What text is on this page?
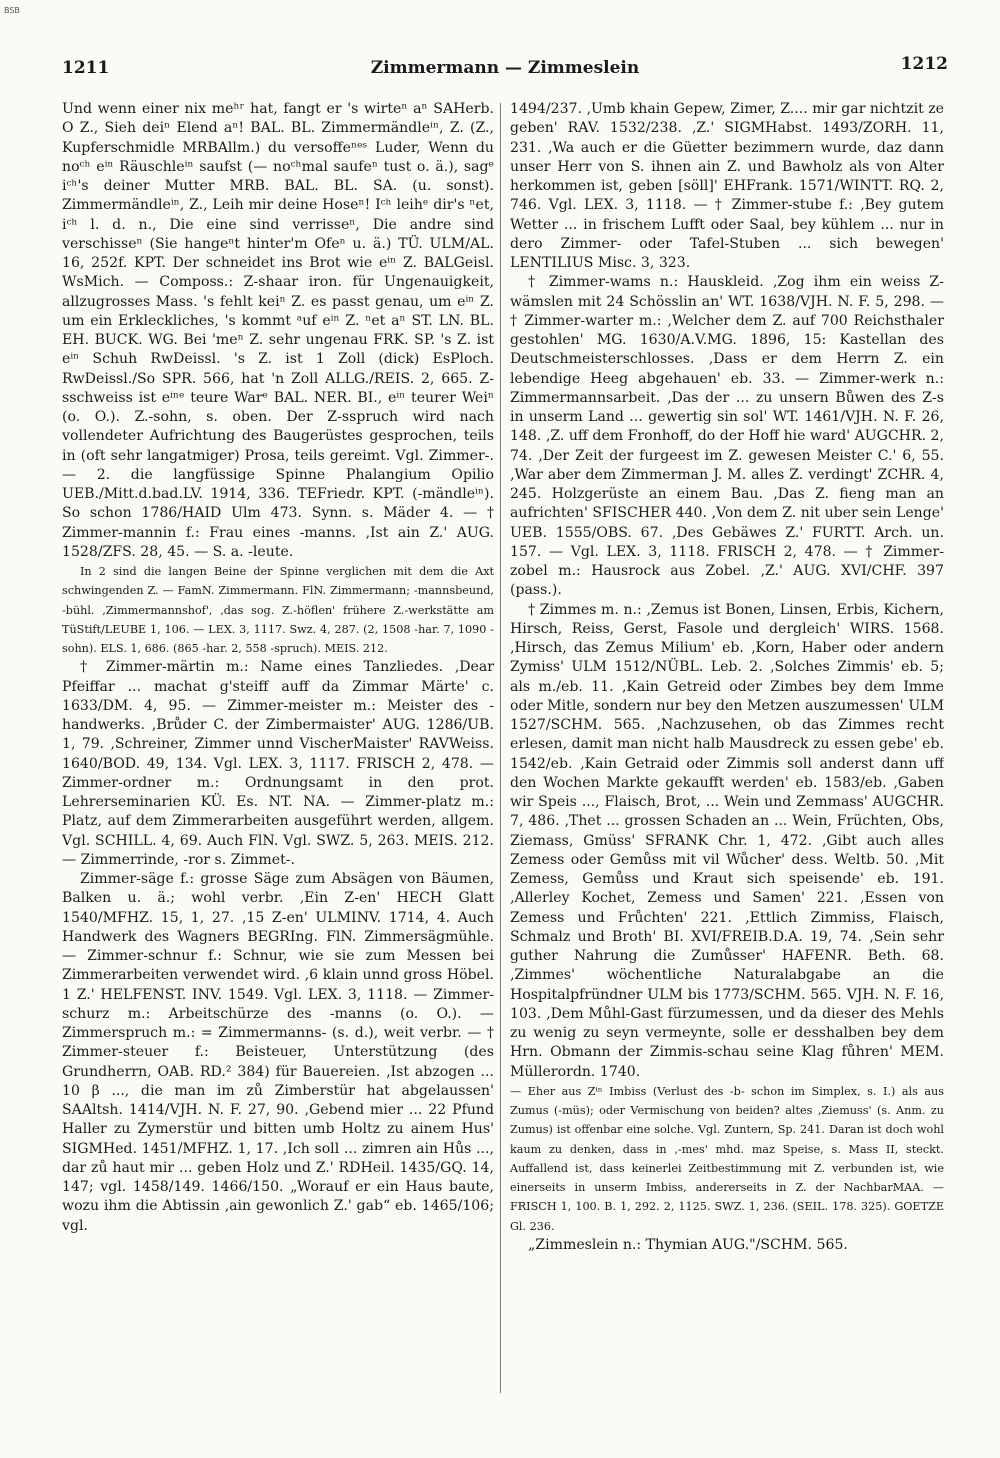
BSB
1211	Zimmermann — Zimmeslein	1212

Und wenn einer nix meʰʳ hat, fangt er 's wirteⁿ aⁿ SAHerb. O Z., Sieh deiⁿ Elend aⁿ! BAL. BL. Zimmermändleⁱⁿ, Z. (Z., Kupferschmidle MRBAllm.) du versoffeⁿᵉˢ Luder, Wenn du noᶜʰ eⁱⁿ Räuschleⁱⁿ saufst (— noᶜʰmal saufeⁿ tust o. ä.), sagᵉ iᶜʰ's deiner Mutter MRB. BAL. BL. SA. (u. sonst). Zimmermändleⁱⁿ, Z., Leih mir deine Hoseⁿ! Iᶜʰ leihᵉ dir's ⁿet, iᶜʰ l. d. n., Die eine sind verrisseⁿ, Die andre sind verschisseⁿ (Sie hangeⁿt hinter'm Ofeⁿ u. ä.) TÜ. ULM/AL. 16, 252f. KPT. Der schneidet ins Brot wie eⁱⁿ Z. BALGeisl. WsMich. — Composs.: Z-shaar iron. für Ungenauigkeit, allzugrosses Mass. 's fehlt keiⁿ Z. es passt genau, um eⁱⁿ Z. um ein Erkleckliches, 's kommt ᵃuf eⁱⁿ Z. ⁿet aⁿ ST. LN. BL. EH. BUCK. WG. Bei 'meⁿ Z. sehr ungenau FRK. SP. 's Z. ist eⁱⁿ Schuh RwDeissl. 's Z. ist 1 Zoll (dick) EsPloch. RwDeissl./So SPR. 566, hat 'n Zoll ALLG./REIS. 2, 665. Z-sschweiss ist eⁱⁿᵉ teure Warᵉ BAL. NER. BI., eⁱⁿ teurer Weiⁿ (o. O.). Z.-sohn, s. oben. Der Z-sspruch wird nach vollendeter Aufrichtung des Baugerüstes gesprochen, teils in (oft sehr langatmiger) Prosa, teils gereimt. Vgl. Zimmer-. — 2. die langfüssige Spinne Phalangium Opilio UEB./Mitt.d.bad.LV. 1914, 336. TEFriedr. KPT. (-mändleⁱⁿ). So schon 1786/HAID Ulm 473. Synn. s. Mäder 4. — † Zimmer-mannin f.: Frau eines -manns. ‚Ist ain Z.' AUG. 1528/ZFS. 28, 45. — S. a. -leute.

In 2 sind die langen Beine der Spinne verglichen mit dem die Axt schwingenden Z. — FamN. Zimmermann. FlN. Zimmermann; -mannsbeund, -bühl. ‚Zimmermannshof', ‚das sog. Z.-höflen' frühere Z.-werkstätte am TüStift/LEUBE 1, 106. — LEX. 3, 1117. Swz. 4, 287. (2, 1508 -har. 7, 1090 -sohn). ELS. 1, 686. (865 -har. 2, 558 -spruch). MEIS. 212.

† Zimmer-märtin m.: Name eines Tanzliedes. ‚Dear Pfeiffar ... machat g'steiff auff da Zimmar Märte' c. 1633/DM. 4, 95. — Zimmer-meister m.: Meister des -handwerks. ‚Brůder C. der Zimbermaister' AUG. 1286/UB. 1, 79. ‚Schreiner, Zimmer unnd VischerMaister' RAVWeiss. 1640/BOD. 49, 134. Vgl. LEX. 3, 1117. FRISCH 2, 478. — Zimmer-ordner m.: Ordnungsamt in den prot. Lehrerseminarien KÜ. Es. NT. NA. — Zimmer-platz m.: Platz, auf dem Zimmerarbeiten ausgeführt werden, allgem. Vgl. SCHILL. 4, 69. Auch FlN. Vgl. SWZ. 5, 263. MEIS. 212. — Zimmerrinde, -ror s. Zimmet-.

Zimmer-säge f.: grosse Säge zum Absägen von Bäumen, Balken u. ä.; wohl verbr. ‚Ein Z-en' HECH Glatt 1540/MFHZ. 15, 1, 27. ‚15 Z-en' ULMINV. 1714, 4. Auch Handwerk des Wagners BEGRIng. FlN. Zimmersägmühle. — Zimmer-schnur f.: Schnur, wie sie zum Messen bei Zimmerarbeiten verwendet wird. ‚6 klain unnd gross Höbel. 1 Z.' HELFENST. INV. 1549. Vgl. LEX. 3, 1118. — Zimmer-schurz m.: Arbeitschürze des -manns (o. O.). — Zimmerspruch m.: = Zimmermanns- (s. d.), weit verbr. — † Zimmer-steuer f.: Beisteuer, Unterstützung (des Grundherrn, OAB. RD.² 384) für Bauereien. ‚Ist abzogen ... 10 β ..., die man im zů Zimberstür hat abgelaussen' SAAltsh. 1414/VJH. N. F. 27, 90. ‚Gebend mier ... 22 Pfund Haller zu Zymerstür und bitten umb Holtz zu ainem Hus' SIGMHed. 1451/MFHZ. 1, 17. ‚Ich soll ... zimren ain Hůs ..., dar zů haut mir ... geben Holz und Z.' RDHeil. 1435/GQ. 14, 147; vgl. 1458/149. 1466/150. „Worauf er ein Haus baute, wozu ihm die Abtissin ‚ain gewonlich Z.' gab“ eb. 1465/106; vgl.

1494/237. ‚Umb khain Gepew, Zimer, Z.... mir gar nichtzit ze geben' RAV. 1532/238. ‚Z.' SIGMHabst. 1493/ZORH. 11, 231. ‚Wa auch er die Güetter bezimmern wurde, daz dann unser Herr von S. ihnen ain Z. und Bawholz als von Alter herkommen ist, geben [söll]' EHFrank. 1571/WINTT. RQ. 2, 746. Vgl. LEX. 3, 1118. — † Zimmer-stube f.: ‚Bey gutem Wetter ... in frischem Lufft oder Saal, bey kühlem ... nur in dero Zimmer- oder Tafel-Stuben ... sich bewegen' LENTILIUS Misc. 3, 323.

† Zimmer-wams n.: Hauskleid. ‚Zog ihm ein weiss Z-wämslen mit 24 Schösslin an' WT. 1638/VJH. N. F. 5, 298. — † Zimmer-warter m.: ‚Welcher dem Z. auf 700 Reichsthaler gestohlen' MG. 1630/A.V.MG. 1896, 15: Kastellan des Deutschmeisterschlosses. ‚Dass er dem Herrn Z. ein lebendige Heeg abgehauen' eb. 33. — Zimmer-werk n.: Zimmermannsarbeit. ‚Das der ... zu unsern Bůwen des Z-s in unserm Land ... gewertig sin sol' WT. 1461/VJH. N. F. 26, 148. ‚Z. uff dem Fronhoff, do der Hoff hie ward' AUGCHR. 2, 74. ‚Der Zeit der furgeest im Z. gewesen Meister C.' 6, 55. ‚War aber dem Zimmerman J. M. alles Z. verdingt' ZCHR. 4, 245. Holzgerüste an einem Bau. ‚Das Z. fieng man an aufrichten' SFISCHER 440. ‚Von dem Z. nit uber sein Lenge' UEB. 1555/OBS. 67. ‚Des Gebäwes Z.' FURTT. Arch. un. 157. — Vgl. LEX. 3, 1118. FRISCH 2, 478. — † Zimmer-zobel m.: Hausrock aus Zobel. ‚Z.' AUG. XVI/CHF. 397 (pass.).

† Zimmes m. n.: ‚Zemus ist Bonen, Linsen, Erbis, Kichern, Hirsch, Reiss, Gerst, Fasole und dergleich' WIRS. 1568. ‚Hirsch, das Zemus Milium' eb. ‚Korn, Haber oder andern Zymiss' ULM 1512/NÜBL. Leb. 2. ‚Solches Zimmis' eb. 5; als m./eb. 11. ‚Kain Getreid oder Zimbes bey dem Imme oder Mitle, sondern nur bey den Metzen auszumessen' ULM 1527/SCHM. 565. ‚Nachzusehen, ob das Zimmes recht erlesen, damit man nicht halb Mausdreck zu essen gebe' eb. 1542/eb. ‚Kain Getraid oder Zimmis soll anderst dann uff den Wochen Markte gekaufft werden' eb. 1583/eb. ‚Gaben wir Speis ..., Flaisch, Brot, ... Wein und Zemmass' AUGCHR. 7, 486. ‚Thet ... grossen Schaden an ... Wein, Früchten, Obs, Ziemass, Gmüss' SFRANK Chr. 1, 472. ‚Gibt auch alles Zemess oder Gemůss mit vil Wůcher' dess. Weltb. 50. ‚Mit Zemess, Gemůss und Kraut sich speisende' eb. 191. ‚Allerley Kochet, Zemess und Samen' 221. ‚Essen von Zemess und Frůchten' 221. ‚Ettlich Zimmiss, Flaisch, Schmalz und Broth' BI. XVI/FREIB.D.A. 19, 74. ‚Sein sehr guther Nahrung die Zumůsser' HAFENR. Beth. 68. ‚Zimmes' wöchentliche Naturalabgabe an die Hospitalpfründner ULM bis 1773/SCHM. 565. VJH. N. F. 16, 103. ‚Dem Můhl-Gast fürzumessen, und da dieser des Mehls zu wenig zu seyn vermeynte, solle er desshalben bey dem Hrn. Obmann der Zimmis-schau seine Klag fůhren' MEM. Müllerordn. 1740.

— Eher aus Zⁱⁿ Imbiss (Verlust des -b- schon im Simplex, s. I.) als aus Zumus (-müs); oder Vermischung von beiden? altes ‚Ziemuss' (s. Anm. zu Zumus) ist offenbar eine solche. Vgl. Zuntern, Sp. 241. Daran ist doch wohl kaum zu denken, dass in ‚-mes' mhd. maz Speise, s. Mass II, steckt. Auffallend ist, dass keinerlei Zeitbestimmung mit Z. verbunden ist, wie einerseits in unserm Imbiss, andererseits in Z. der NachbarMAA. — FRISCH 1, 100. B. 1, 292. 2, 1125. SWZ. 1, 236. (SEIL. 178. 325). GOETZE Gl. 236.

„Zimmeslein n.: Thymian AUG."/SCHM. 565.
